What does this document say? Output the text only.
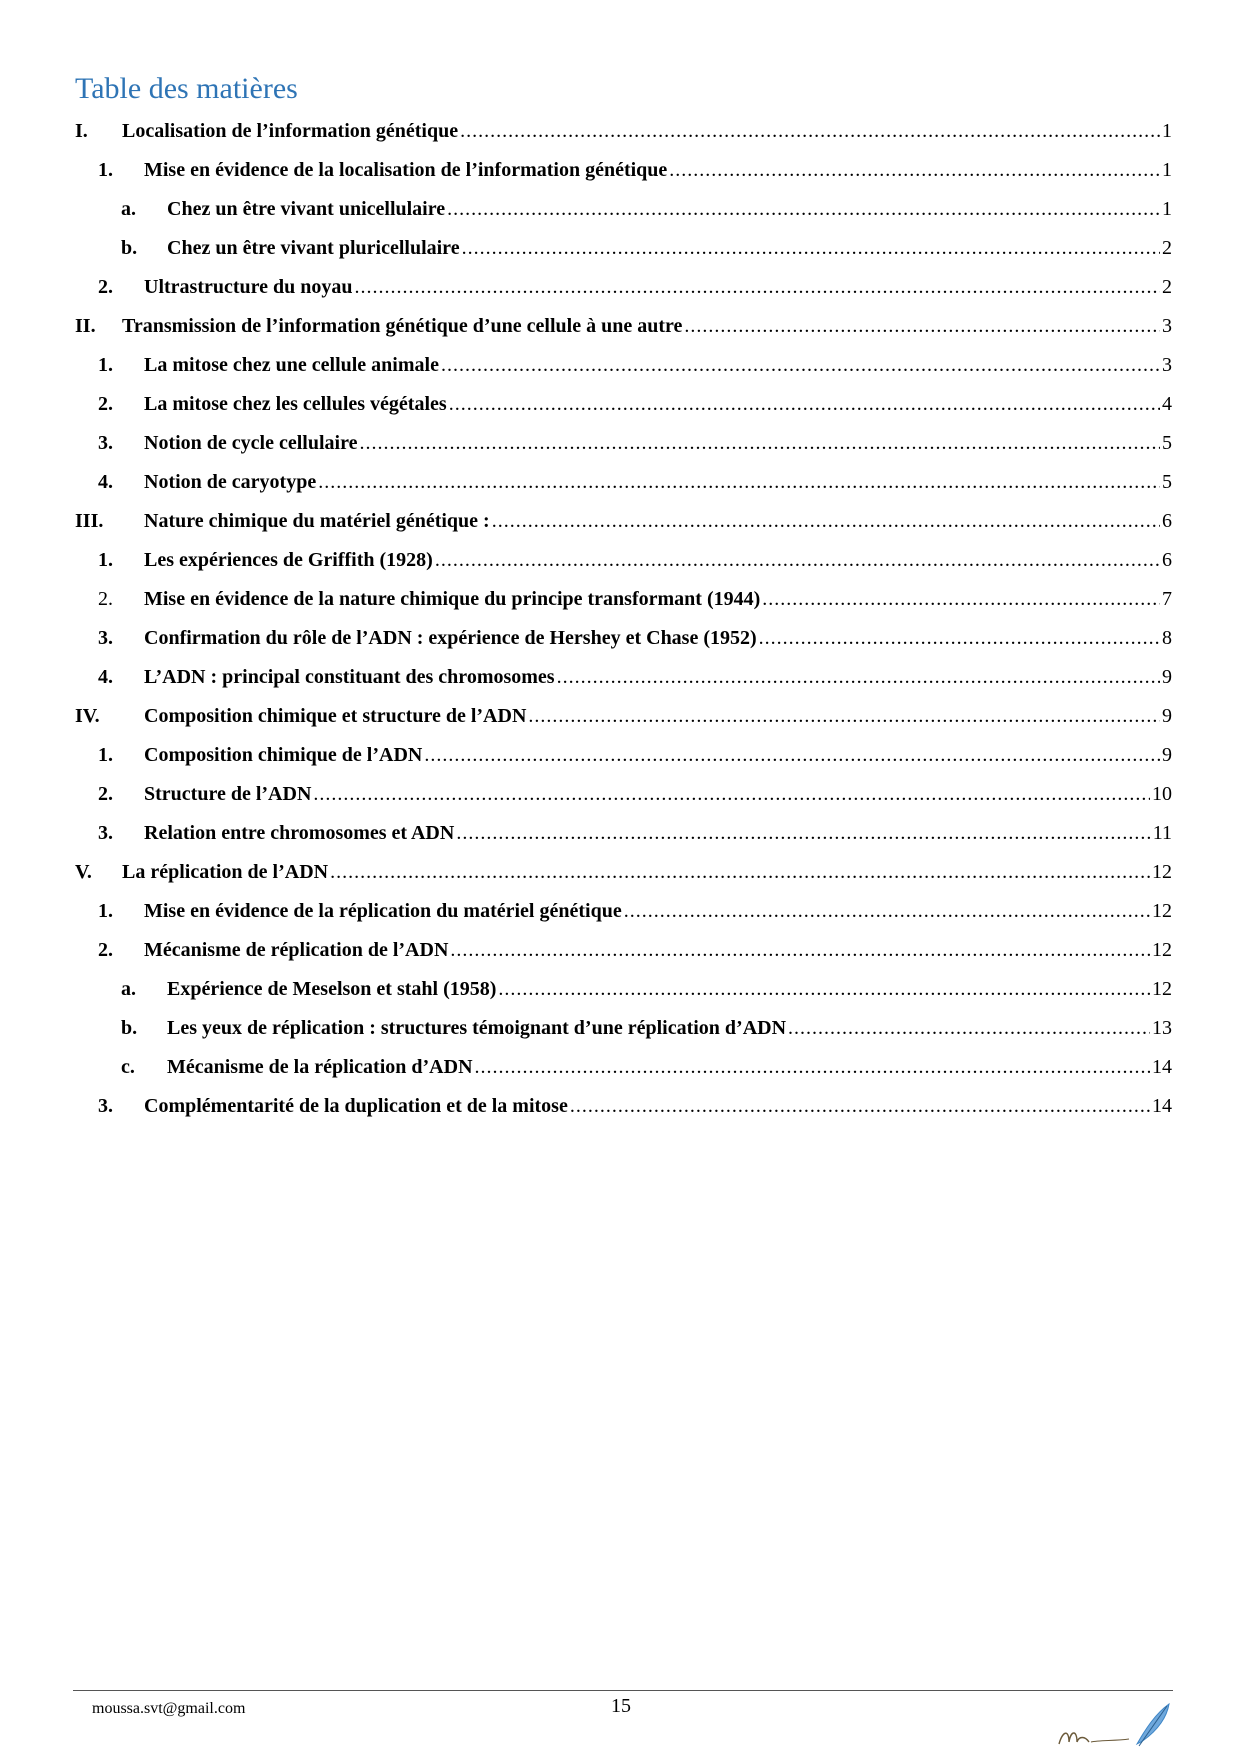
Table des matières
I.	Localisation de l’information génétique .....	1
1.	Mise en évidence de la localisation de l’information génétique .....	1
a.	Chez un être vivant unicellulaire .....	1
b.	Chez un être vivant pluricellulaire .....	2
2.	Ultrastructure du noyau .....	2
II.	Transmission de l’information génétique d’une cellule à une autre .....	3
1.	La mitose chez une cellule animale .....	3
2.	La mitose chez les cellules végétales .....	4
3.	Notion de cycle cellulaire .....	5
4.	Notion de caryotype .....	5
III.	Nature chimique du matériel génétique : .....	6
1.	Les expériences de Griffith (1928) .....	6
2.	Mise en évidence de la nature chimique du principe transformant (1944) .....	7
3.	Confirmation du rôle de l’ADN : expérience de Hershey et Chase (1952) .....	8
4.	L’ADN : principal constituant des chromosomes .....	9
IV.	Composition chimique et structure de l’ADN .....	9
1.	Composition chimique de l’ADN .....	9
2.	Structure de l’ADN .....	10
3.	Relation entre chromosomes et ADN .....	11
V.	La réplication de l’ADN .....	12
1.	Mise en évidence de la réplication du matériel génétique .....	12
2.	Mécanisme de réplication de l’ADN .....	12
a.	Expérience de Meselson et stahl (1958) .....	12
b.	Les yeux de réplication : structures témoignant d’une réplication d’ADN .....	13
c.	Mécanisme de la réplication d’ADN .....	14
3.	Complémentarité de la duplication et de la mitose .....	14
moussa.svt@gmail.com	15
